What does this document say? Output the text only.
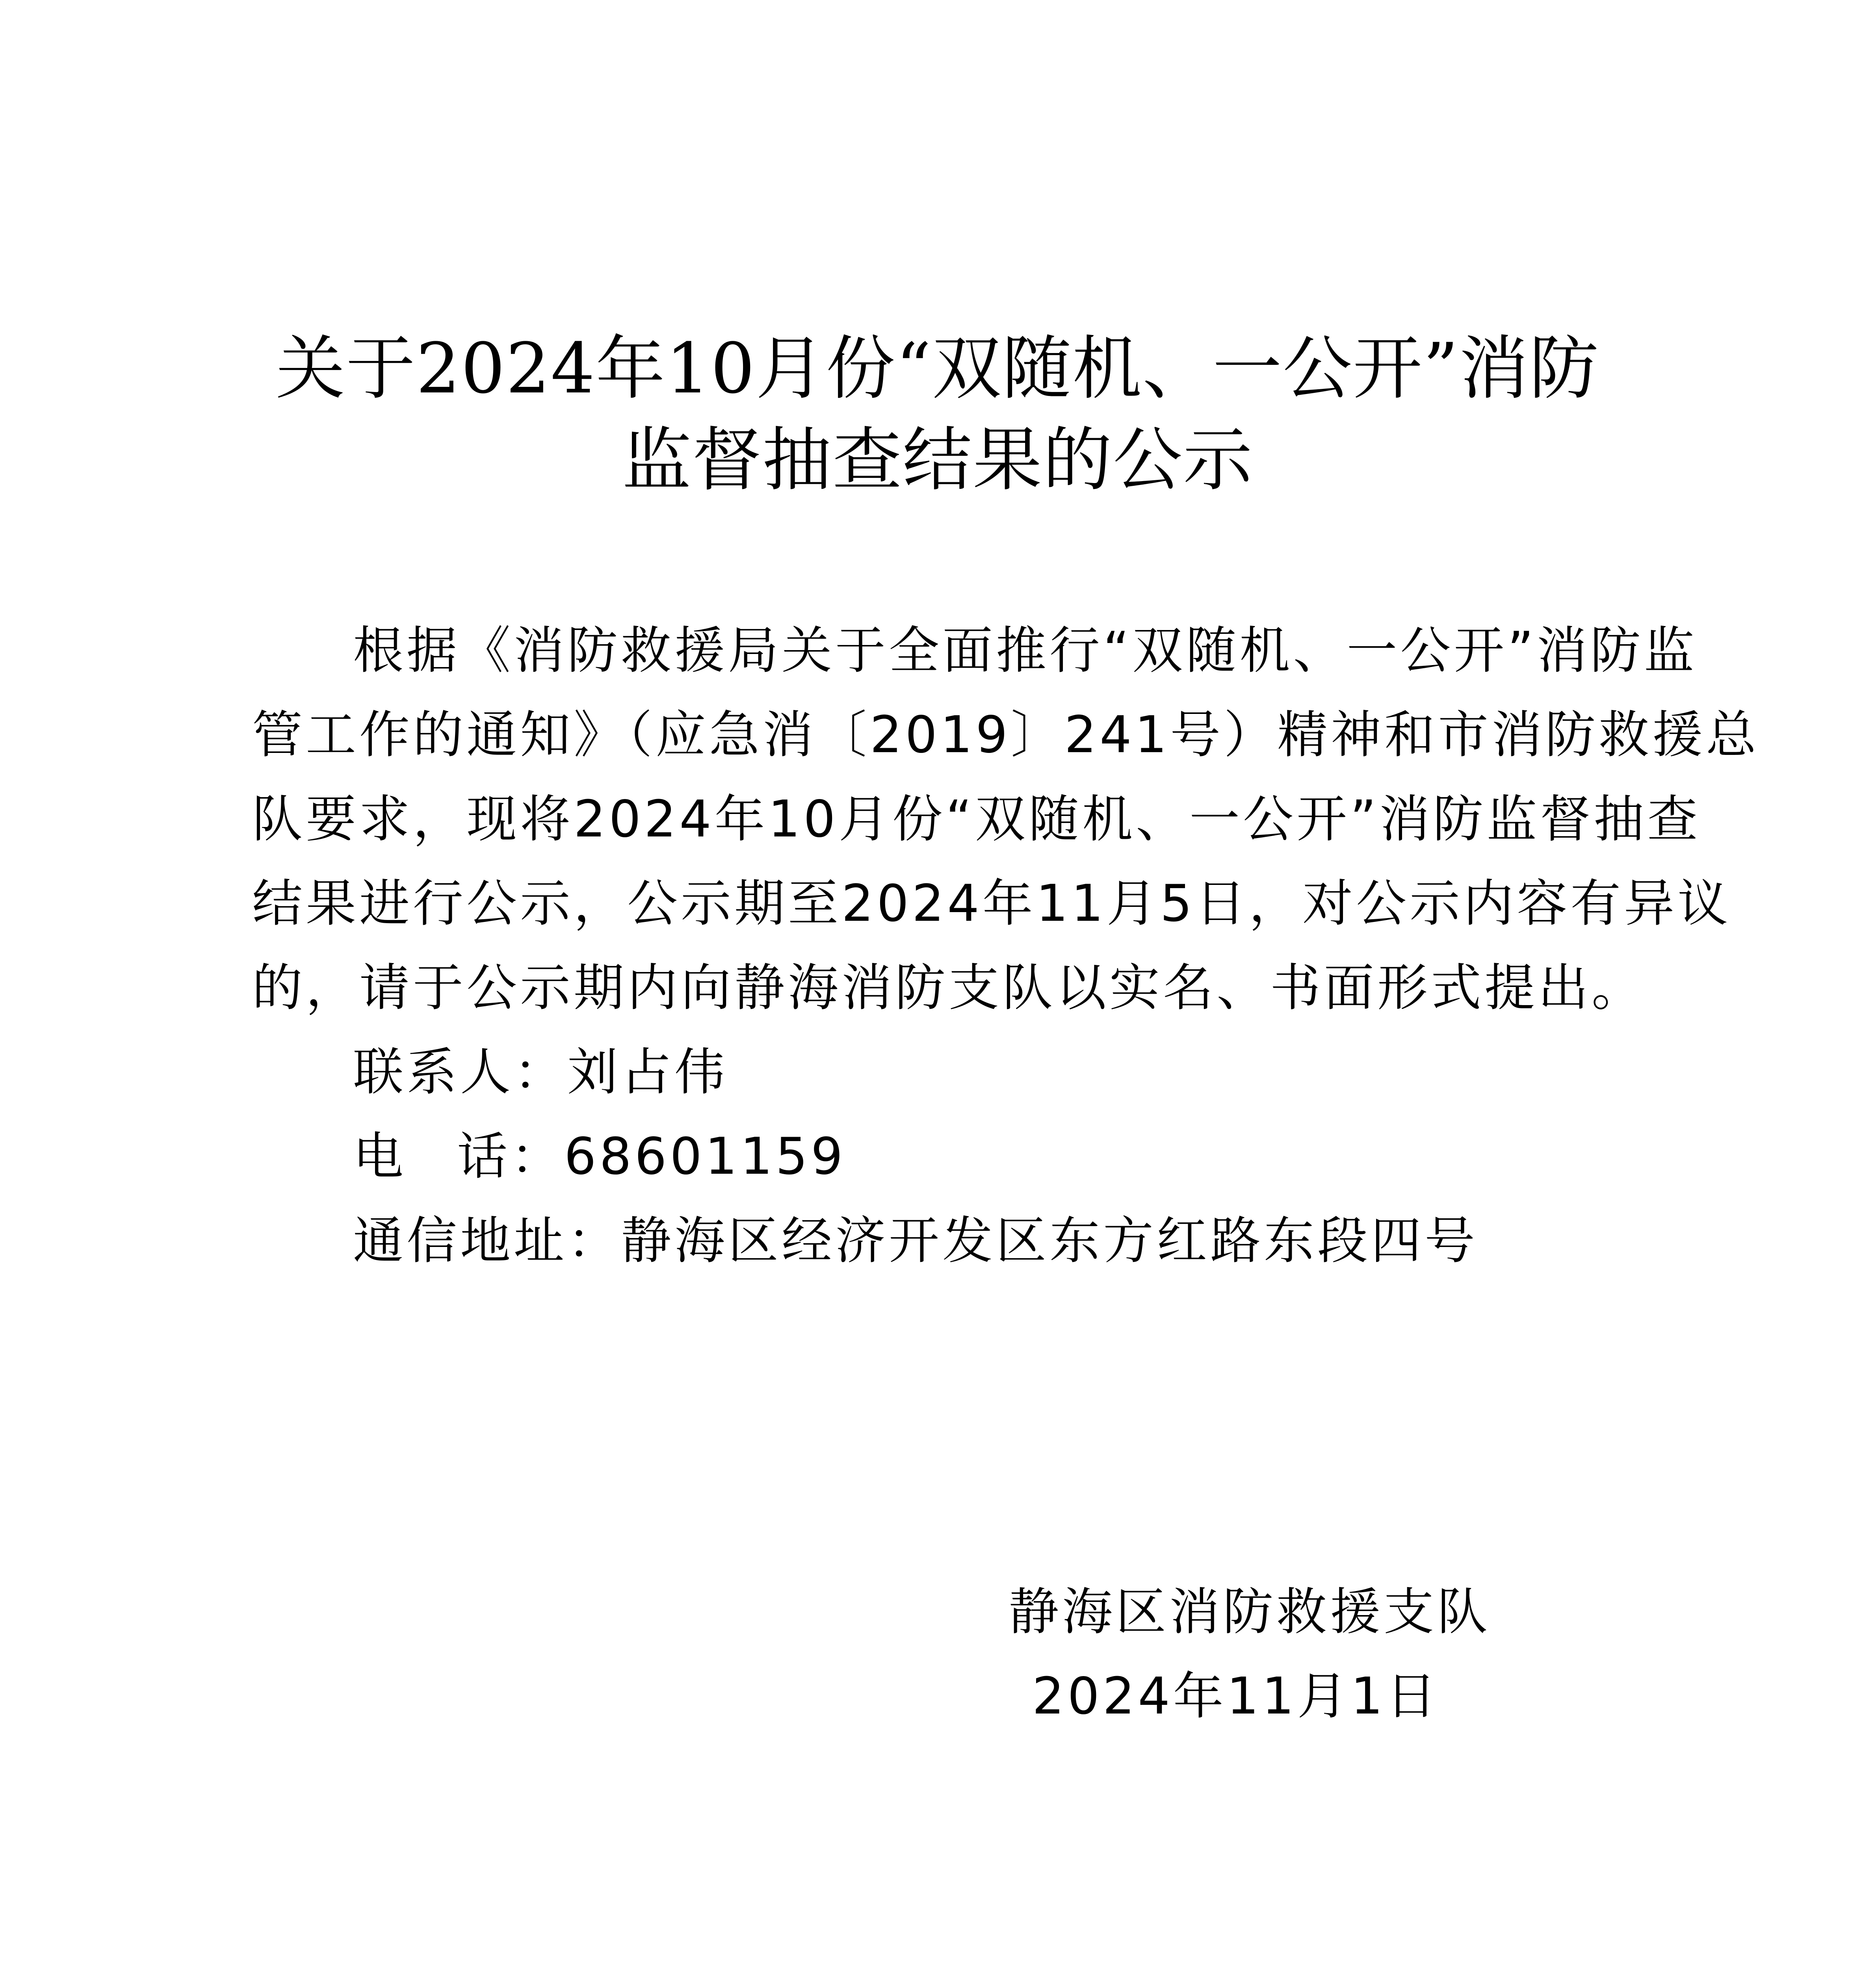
关于2024年10月份“双随机、一公开”消防
监督抽查结果的公示

根据《消防救援局关于全面推行“双随机、一公开”消防监
管工作的通知》（应急消〔2019〕241号）精神和市消防救援总
队要求，现将2024年10月份“双随机、一公开”消防监督抽查
结果进行公示，公示期至2024年11月5日，对公示内容有异议
的，请于公示期内向静海消防支队以实名、书面形式提出。

联系人：刘占伟

电 话：68601159

通信地址：静海区经济开发区东方红路东段四号

静海区消防救援支队
2024年11月1日
